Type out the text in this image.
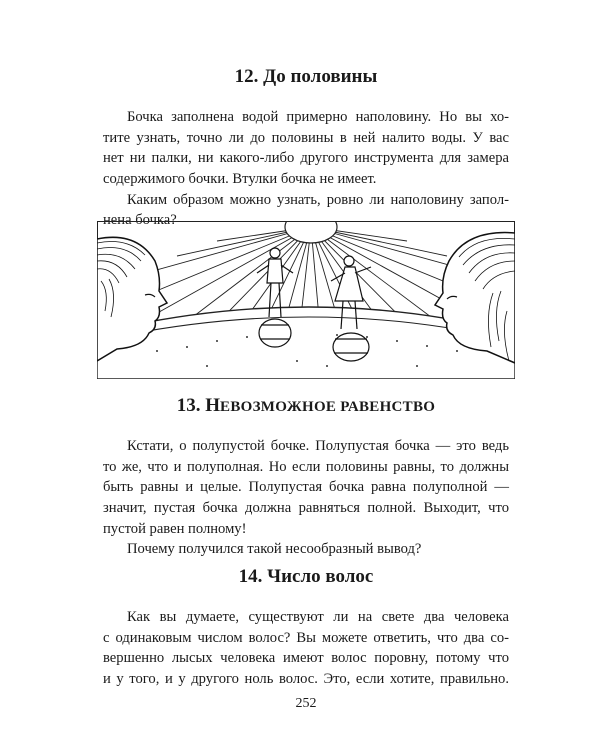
12. До половины
Бочка заполнена водой примерно наполовину. Но вы хо-
тите узнать, точно ли до половины в ней налито воды. У вас
нет ни палки, ни какого-либо другого инструмента для замера
содержимого бочки. Втулки бочка не имеет.
Каким образом можно узнать, ровно ли наполовину запол-
нена бочка?
13. НЕВОЗМОЖНОЕ РАВЕНСТВО
Кстати, о полупустой бочке. Полупустая бочка — это ведь
то же, что и полуполная. Но если половины равны, то должны
быть равны и целые. Полупустая бочка равна полуполной —
значит, пустая бочка должна равняться полной. Выходит, что
пустой равен полному!
Почему получился такой несообразный вывод?
14. Число волос
Как вы думаете, существуют ли на свете два человека
с одинаковым числом волос? Вы можете ответить, что два со-
вершенно лысых человека имеют волос поровну, потому что
и у того, и у другого ноль волос. Это, если хотите, правильно.
252
